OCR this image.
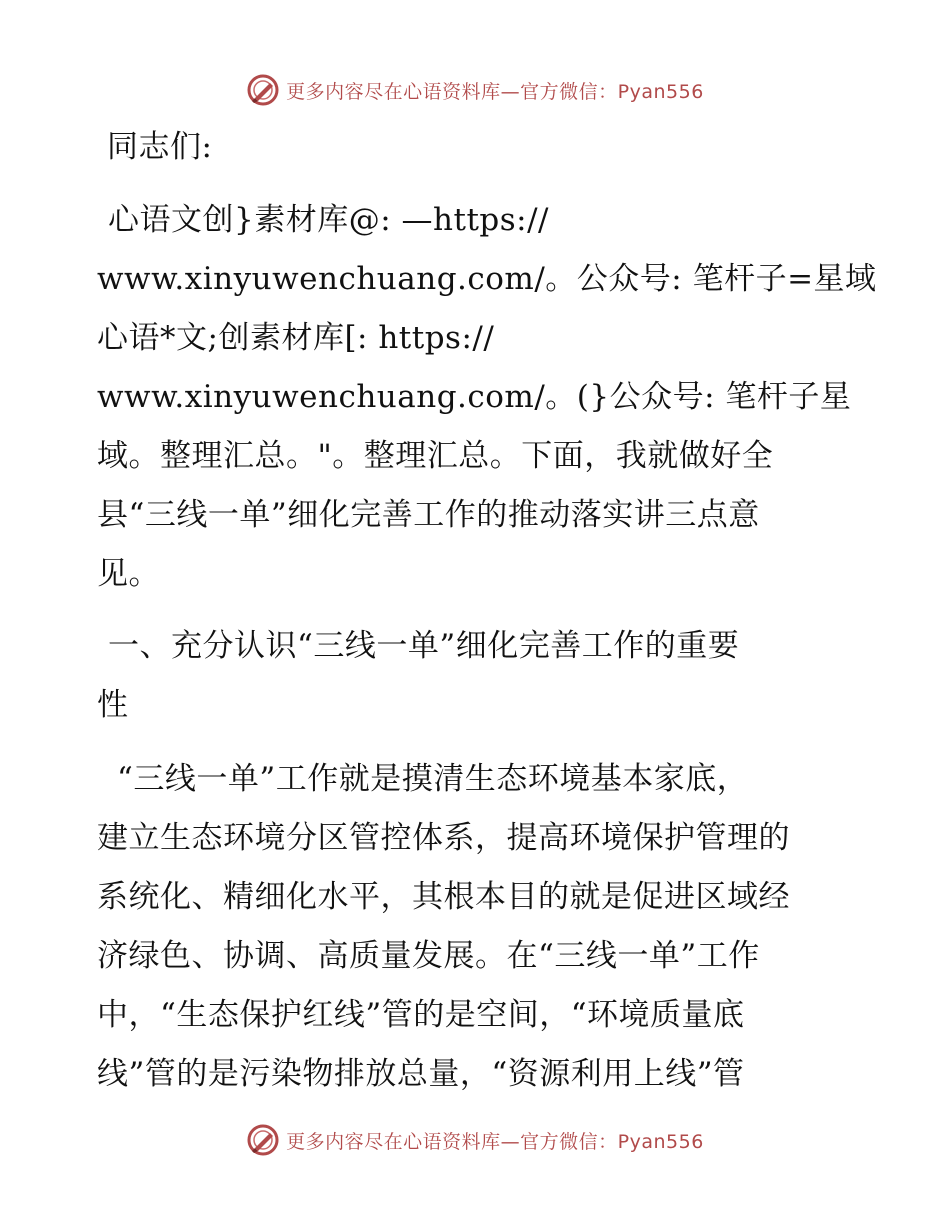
更多内容尽在心语资料库—官方微信：Pyan556
同志们:
心语文创}素材库@: —https://
www.xinyuwenchuang.com/。公众号: 笔杆子=星域
心语*文;创素材库[: https://
www.xinyuwenchuang.com/。(}公众号: 笔杆子星
域。整理汇总。"。整理汇总。下面，我就做好全
县“三线一单”细化完善工作的推动落实讲三点意
见。
一、充分认识“三线一单”细化完善工作的重要
性
“三线一单”工作就是摸清生态环境基本家底，
建立生态环境分区管控体系，提高环境保护管理的
系统化、精细化水平，其根本目的就是促进区域经
济绿色、协调、高质量发展。在“三线一单”工作
中，“生态保护红线”管的是空间，“环境质量底
线”管的是污染物排放总量，“资源利用上线”管
更多内容尽在心语资料库—官方微信：Pyan556
